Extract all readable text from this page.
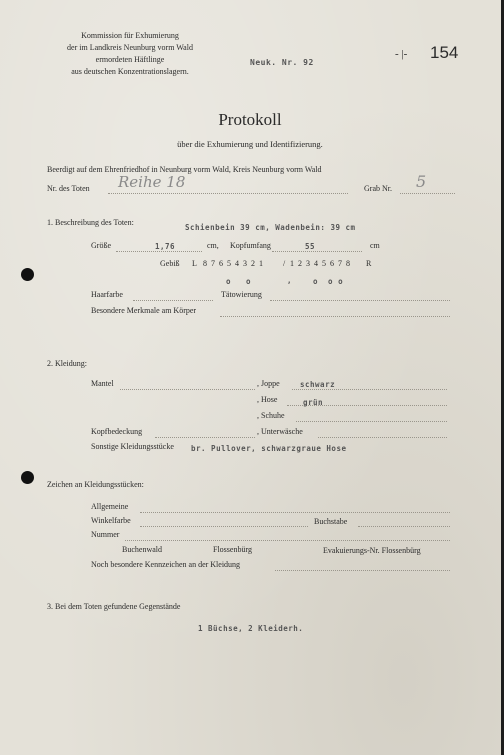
Kommission für Exhumierung
der im Landkreis Neunburg vorm Wald
ermordeten Häftlinge
aus deutschen Konzentrationslagern.
Neuk. Nr. 92
- |- 154
Protokoll
über die Exhumierung und Identifizierung.
Beerdigt auf dem Ehrenfriedhof in Neunburg vorm Wald, Kreis Neunburg vorm Wald
Nr. des Toten Reihe 18	Grab Nr. 5
1. Beschreibung des Toten:
Schienbein 39 cm, Wadenbein: 39 cm
Größe	1,76	cm, Kopfumfang	55	cm
Gebiß L 8 7 6 5 4 3 2 1 / 1 2 3 4 5 6 7 8 R
o   o	,	o  o o
Haarfarbe	Tätowierung
Besondere Merkmale am Körper
2. Kleidung:
Mantel	, Joppe	schwarz
, Hose	grün
, Schuhe
Kopfbedeckung	, Unterwäsche
Sonstige Kleidungsstücke br. Pullover, schwarzgraue Hose
Zeichen an Kleidungsstücken:
Allgemeine
Winkelfarbe	Buchstabe
Nummer
Buchenwald	Flossenbürg	Evakuierungs-Nr. Flossenbürg
Noch besondere Kennzeichen an der Kleidung
3. Bei dem Toten gefundene Gegenstände
1 Büchse, 2 Kleiderh.
